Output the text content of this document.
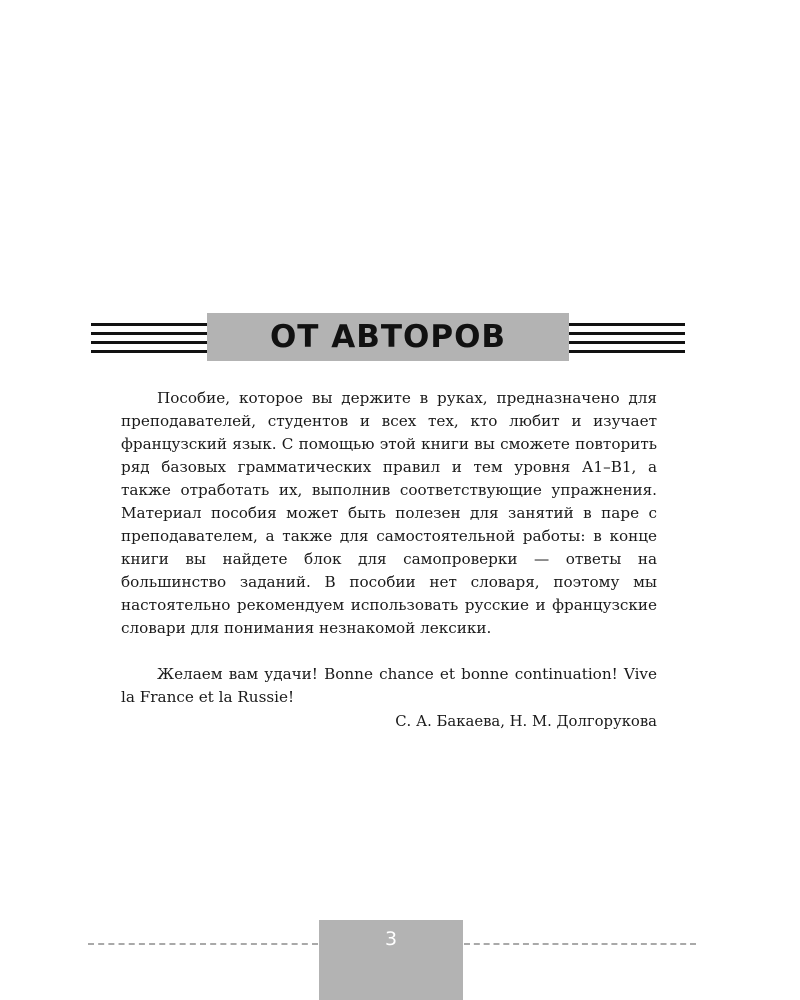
ОТ АВТОРОВ

Пособие, которое вы держите в руках, предназначено для преподавателей, студентов и всех тех, кто любит и изучает французский язык. С помощью этой книги вы сможете повторить ряд базовых грамматических правил и тем уровня А1–В1, а также отработать их, выполнив соответствующие упражнения. Материал пособия может быть полезен для занятий в паре с преподавателем, а также для самостоятельной работы: в конце книги вы найдете блок для самопроверки — ответы на большинство заданий. В пособии нет словаря, поэтому мы настоятельно рекомендуем использовать русские и французские словари для понимания незнакомой лексики.

Желаем вам удачи! Bonne chance et bonne continuation! Vive la France et la Russie!

С. А. Бакаева, Н. М. Долгорукова
3
